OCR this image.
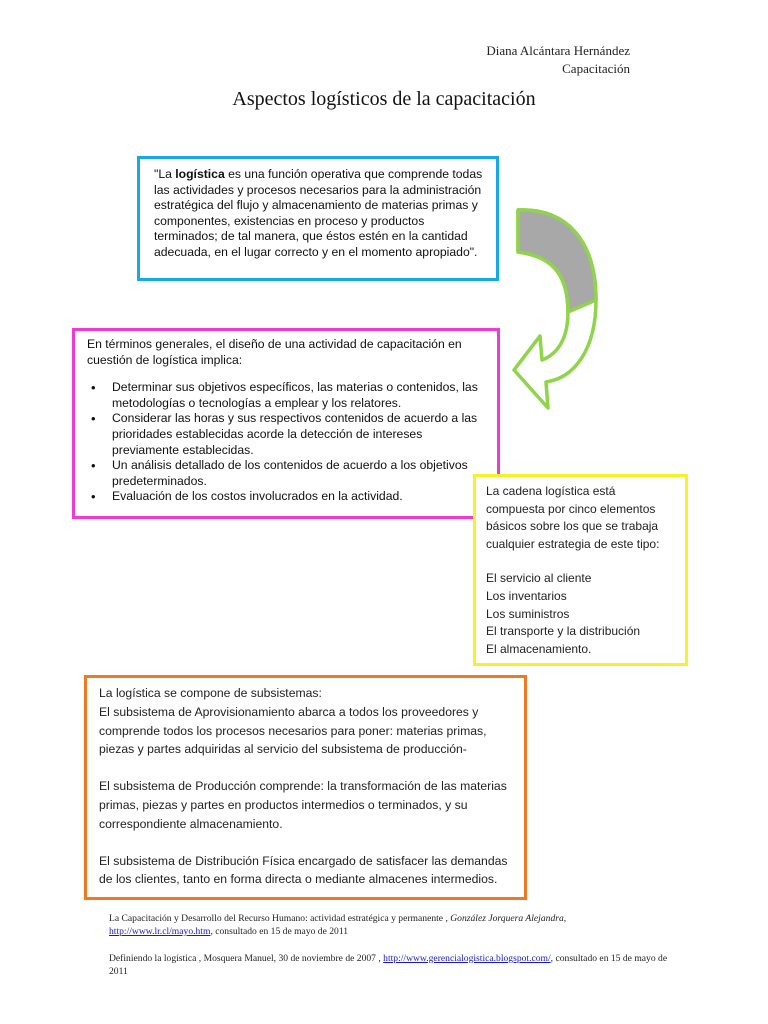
Diana Alcántara Hernández
Capacitación
Aspectos logísticos de la capacitación
"La logística es una función operativa que comprende todas las actividades y procesos necesarios para la administración estratégica del flujo y almacenamiento de materias primas y componentes, existencias en proceso y productos terminados; de tal manera, que éstos estén en la cantidad adecuada, en el lugar correcto y en el momento apropiado".
En términos generales, el diseño de una actividad de capacitación en cuestión de logística implica:
• Determinar sus objetivos específicos, las materias o contenidos, las metodologías o tecnologías a emplear y los relatores.
• Considerar las horas y sus respectivos contenidos de acuerdo a las prioridades establecidas acorde la detección de intereses previamente establecidas.
• Un análisis detallado de los contenidos de acuerdo a los objetivos predeterminados.
• Evaluación de los costos involucrados en la actividad.	La cadena logística está
compuesta por cinco elementos
básicos sobre los que se trabaja
cualquier estrategia de este tipo:
El servicio al cliente
Los inventarios
Los suministros
El transporte y la distribución
El almacenamiento.

La logística se compone de subsistemas:
El subsistema de Aprovisionamiento abarca a todos los proveedores y comprende todos los procesos necesarios para poner: materias primas, piezas y partes adquiridas al servicio del subsistema de producción-

El subsistema de Producción comprende: la transformación de las materias primas, piezas y partes en productos intermedios o terminados, y su correspondiente almacenamiento.

El subsistema de Distribución Física encargado de satisfacer las demandas de los clientes, tanto en forma directa o mediante almacenes intermedios.

La Capacitación y Desarrollo del Recurso Humano: actividad estratégica y permanente , González Jorquera Alejandra, http://www.lr.cl/mayo.htm, consultado en 15 de mayo de 2011
Definiendo la logística , Mosquera Manuel, 30 de noviembre de 2007 , http://www.gerencialogistica.blogspot.com/, consultado en 15 de mayo de 2011
